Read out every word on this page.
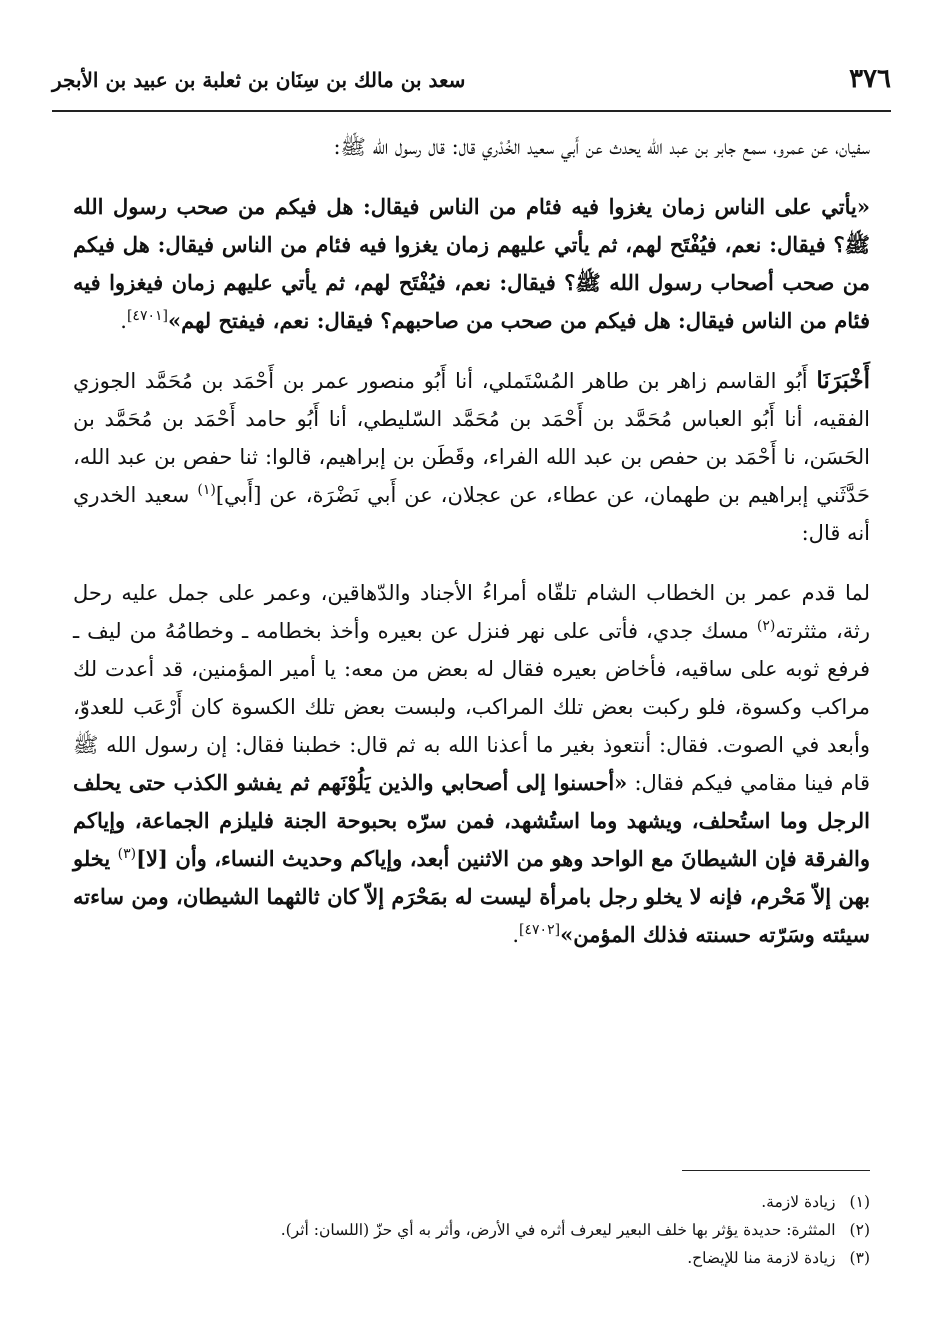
٣٧٦
سعد بن مالك بن سِنَان بن ثعلبة بن عبيد بن الأبجر

سفيان، عن عمرو، سمع جابر بن عبد الله يحدث عن أَبي سعيد الخُدْري قال: قال رسول الله ﷺ:

«يأتي على الناس زمان يغزوا فيه فئام من الناس فيقال: هل فيكم من صحب رسول الله ﷺ؟ فيقال: نعم، فيُفْتَح لهم، ثم يأتي عليهم زمان يغزوا فيه فئام من الناس فيقال: هل فيكم من صحب أصحاب رسول الله ﷺ؟ فيقال: نعم، فيُفْتَح لهم، ثم يأتي عليهم زمان فيغزوا فيه فئام من الناس فيقال: هل فيكم من صحب من صاحبهم؟ فيقال: نعم، فيفتح لهم»[٤٧٠١].

أَخْبَرَنَا أَبُو القاسم زاهر بن طاهر المُسْتَملي، أنا أَبُو منصور عمر بن أَحْمَد بن مُحَمَّد الجوزي الفقيه، أنا أَبُو العباس مُحَمَّد بن أَحْمَد بن مُحَمَّد السّليطي، أنا أَبُو حامد أَحْمَد بن مُحَمَّد بن الحَسَن، نا أَحْمَد بن حفص بن عبد الله الفراء، وقَطَن بن إبراهيم، قالوا: ثنا حفص بن عبد الله، حَدَّثَني إبراهيم بن طهمان، عن عطاء، عن عجلان، عن أَبي نَضْرَة، عن [أَبي]$^{(١)}$ سعيد الخدري أنه قال:

لما قدم عمر بن الخطاب الشام تلقّاه أمراءُ الأجناد والدّهاقين، وعمر على جمل عليه رحل رثة، مثثرته$^{(٢)}$ مسك جدي، فأتى على نهر فنزل عن بعيره وأخذ بخطامه ـ وخطامُهُ من ليف ـ فرفع ثوبه على ساقيه، فأخاض بعيره فقال له بعض من معه: يا أمير المؤمنين، قد أعدت لك مراكب وكسوة، فلو ركبت بعض تلك المراكب، ولبست بعض تلك الكسوة كان أَرْعَب للعدوّ، وأبعد في الصوت. فقال: أنتعوذ بغير ما أعذنا الله به ثم قال: خطبنا فقال: إن رسول الله ﷺ قام فينا مقامي فيكم فقال: «أحسنوا إلى أصحابي والذين يَلُوْنَهم ثم يفشو الكذب حتى يحلف الرجل وما استُحلف، ويشهد وما استُشهد، فمن سرّه بحبوحة الجنة فليلزم الجماعة، وإياكم والفرقة فإن الشيطانَ مع الواحد وهو من الاثنين أبعد، وإياكم وحديث النساء، وأن [لا]$^{(٣)}$ يخلو بهن إلاّ مَحْرم، فإنه لا يخلو رجل بامرأة ليست له بمَحْرَم إلاّ كان ثالثهما الشيطان، ومن ساءته سيئته وسَرّته حسنته فذلك المؤمن»[٤٧٠٢].

(١)زيادة لازمة.
(٢)المثثرة: حديدة يؤثر بها خلف البعير ليعرف أثره في الأرض، وأثر به أي حزّ (اللسان: أثر).
(٣)زيادة لازمة منا للإيضاح.
